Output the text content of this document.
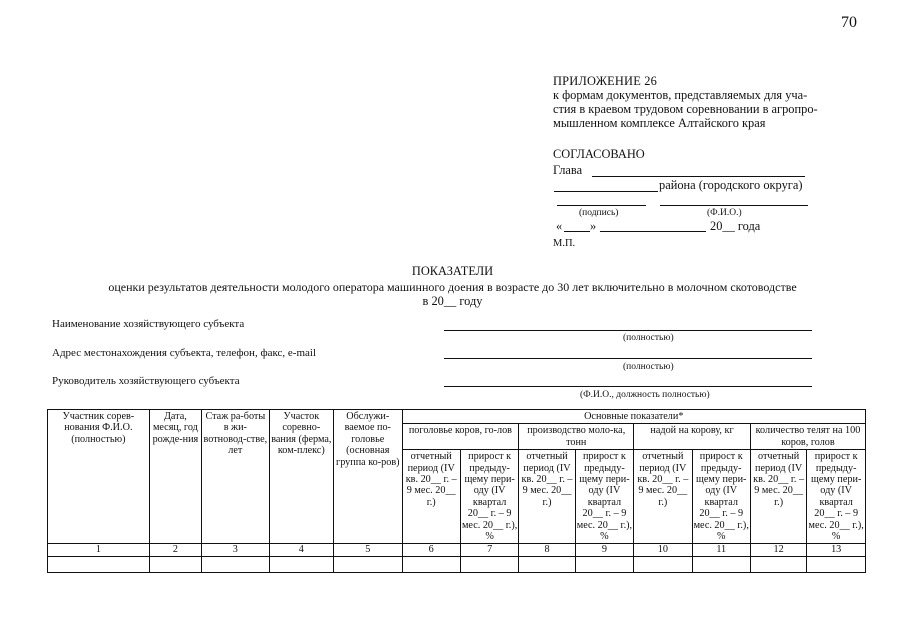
70
ПРИЛОЖЕНИЕ 26
к формам документов, представляемых для уча-
стия в краевом трудовом соревновании в агропро-
мышленном комплексе Алтайского края
СОГЛАСОВАНО
Глава
района (городского округа)
(подпись)	(Ф.И.О.)
« »	20__ года
М.П.
ПОКАЗАТЕЛИ
оценки результатов деятельности молодого оператора машинного доения в возрасте до 30 лет включительно в молочном скотоводстве
в 20__ году
Наименование хозяйствующего субъекта
(полностью)
Адрес местонахождения субъекта, телефон, факс, e-mail
(полностью)
Руководитель хозяйствующего субъекта
(Ф.И.О., должность полностью)
Участник сорев-нования Ф.И.О. (полностью)	Дата, месяц, год рожде-ния	Стаж ра-боты в жи-вотновод-стве, лет	Участок соревно-вания (ферма, ком-плекс)	Обслужи-ваемое по-головье (основная группа ко-ров)	Основные показатели*							
					поголовье коров, го-лов		производство моло-ка, тонн		надой на корову, кг		количество телят на 100 коров, голов	
					отчетный период (IV кв. 20__ г. – 9 мес. 20__ г.)	прирост к предыду-щему пери-оду (IV квартал 20__ г. – 9 мес. 20__ г.), %	отчетный период (IV кв. 20__ г. – 9 мес. 20__ г.)	прирост к предыду-щему пери-оду (IV квартал 20__ г. – 9 мес. 20__ г.), %	отчетный период (IV кв. 20__ г. – 9 мес. 20__ г.)	прирост к предыду-щему пери-оду (IV квартал 20__ г. – 9 мес. 20__ г.), %	отчетный период (IV кв. 20__ г. – 9 мес. 20__ г.)	прирост к предыду-щему пери-оду (IV квартал 20__ г. – 9 мес. 20__ г.), %
1	2	3	4	5	6	7	8	9	10	11	12	13
